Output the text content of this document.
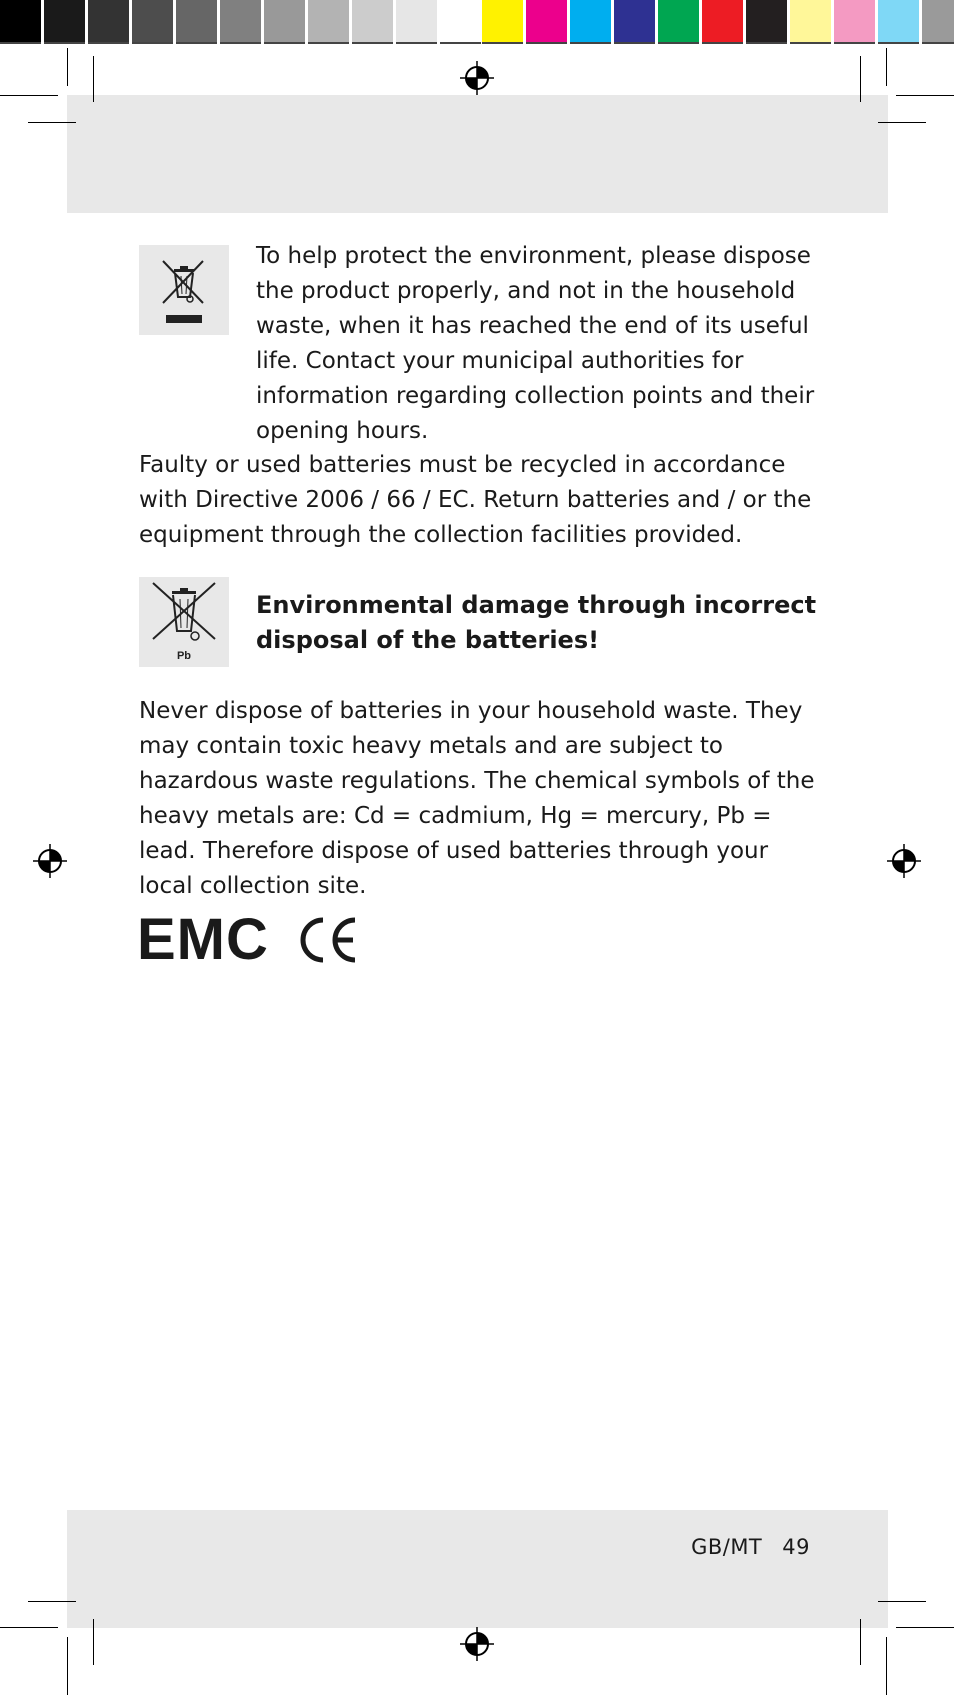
To help protect the environment, please dispose the product properly, and not in the household waste, when it has reached the end of its useful life. Contact your municipal authorities for information regarding collection points and their opening hours.

Faulty or used batteries must be recycled in accordance with Directive 2006 / 66 / EC. Return batteries and / or the equipment through the collection facilities provided.

Pb

Environmental damage through incorrect disposal of the batteries!

Never dispose of batteries in your household waste. They may contain toxic heavy metals and are subject to hazardous waste regulations. The chemical symbols of the heavy metals are: Cd = cadmium, Hg = mercury, Pb = lead. Therefore dispose of used batteries through your local collection site.

EMC
GB/MT 49
